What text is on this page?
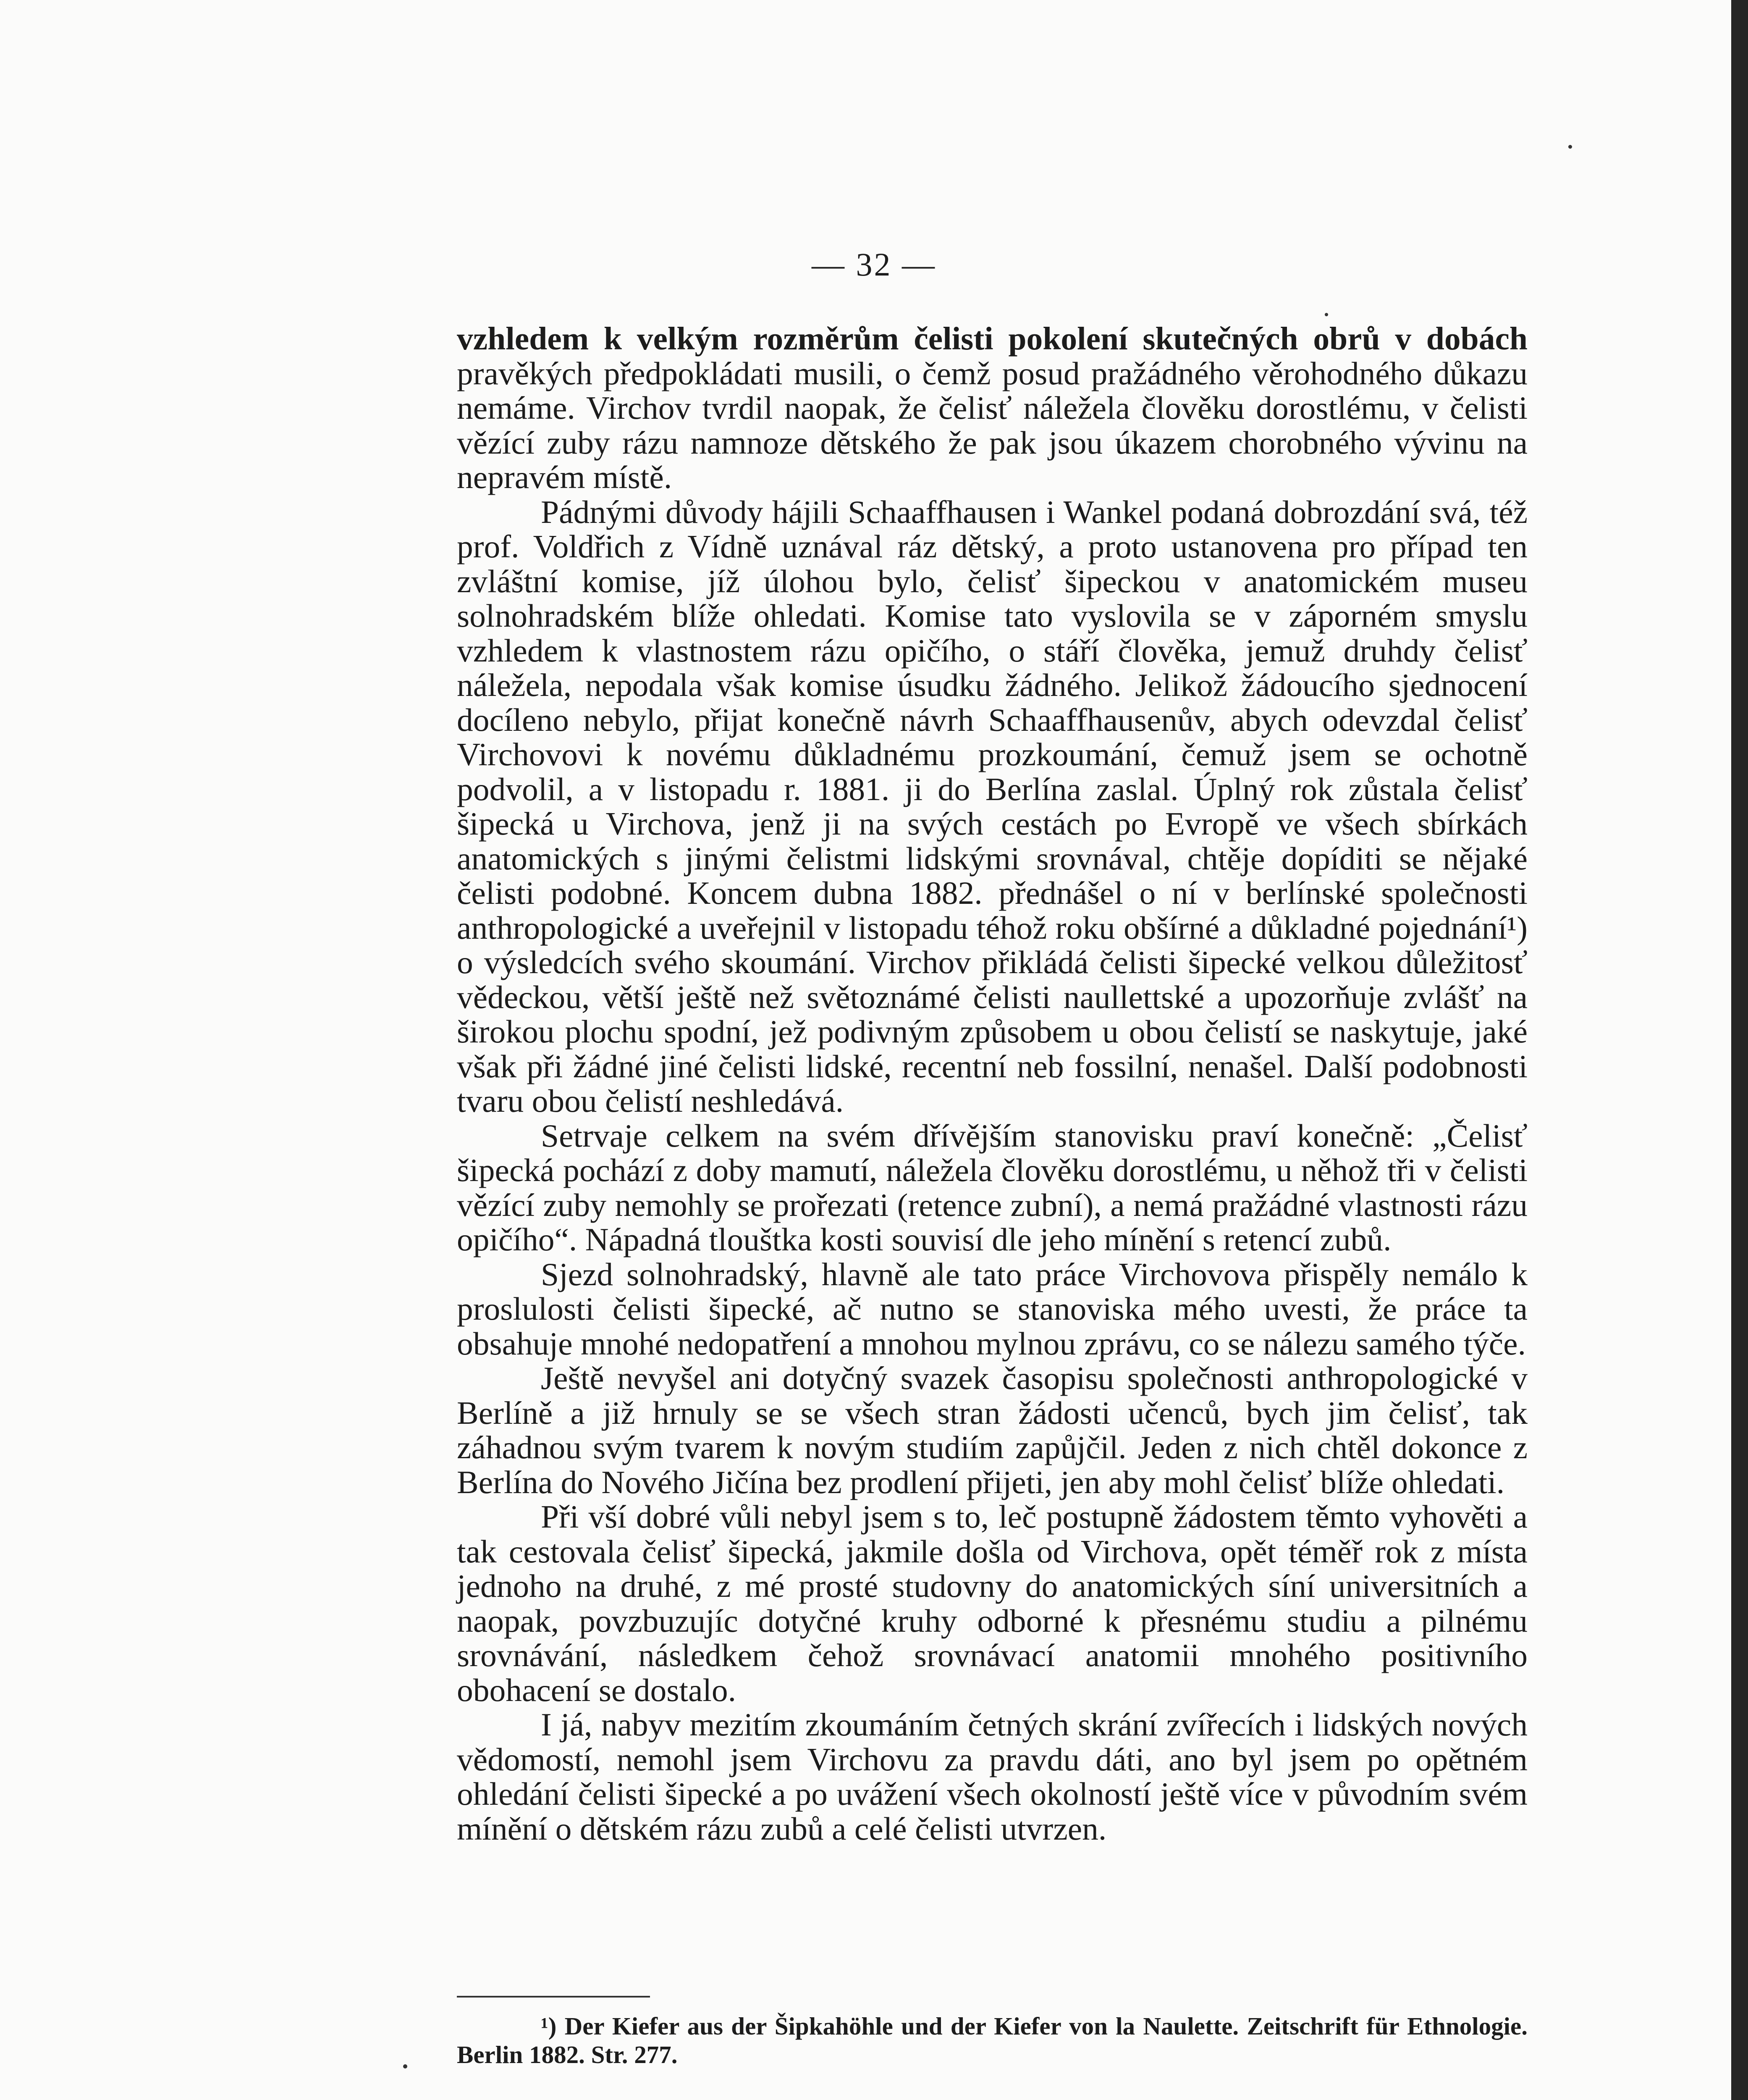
— 32 —

vzhledem k velkým rozměrům čelisti pokolení skutečných obrů v dobách pravěkých předpokládati musili, o čemž posud pražádného věrohodného důkazu nemáme. Virchov tvrdil naopak, že čelisť náležela člověku dorostlému, v čelisti vězící zuby rázu namnoze dětského že pak jsou úkazem chorobného vývinu na nepravém místě.

Pádnými důvody hájili Schaaffhausen i Wankel podaná dobrozdání svá, též prof. Voldřich z Vídně uznával ráz dětský, a proto ustanovena pro případ ten zvláštní komise, jíž úlohou bylo, čelisť šipeckou v anatomickém museu solnohradském blíže ohledati. Komise tato vyslovila se v záporném smyslu vzhledem k vlastnostem rázu opičího, o stáří člověka, jemuž druhdy čelisť náležela, nepodala však komise úsudku žádného. Jelikož žádoucího sjednocení docíleno nebylo, přijat konečně návrh Schaaffhausenův, abych odevzdal čelisť Virchovovi k novému důkladnému prozkoumání, čemuž jsem se ochotně podvolil, a v listopadu r. 1881. ji do Berlína zaslal. Úplný rok zůstala čelisť šipecká u Virchova, jenž ji na svých cestách po Evropě ve všech sbírkách anatomických s jinými čelistmi lidskými srovnával, chtěje dopíditi se nějaké čelisti podobné. Koncem dubna 1882. přednášel o ní v berlínské společnosti anthropologické a uveřejnil v listopadu téhož roku obšírné a důkladné pojednání¹) o výsledcích svého skoumání. Virchov přikládá čelisti šipecké velkou důležitosť vědeckou, větší ještě než světoznámé čelisti naullettské a upozorňuje zvlášť na širokou plochu spodní, jež podivným způsobem u obou čelistí se naskytuje, jaké však při žádné jiné čelisti lidské, recentní neb fossilní, nenašel. Další podobnosti tvaru obou čelistí neshledává.

Setrvaje celkem na svém dřívějším stanovisku praví konečně: „Čelisť šipecká pochází z doby mamutí, náležela člověku dorostlému, u něhož tři v čelisti vězící zuby nemohly se prořezati (retence zubní), a nemá pražádné vlastnosti rázu opičího“. Nápadná tlouštka kosti souvisí dle jeho mínění s retencí zubů.

Sjezd solnohradský, hlavně ale tato práce Virchovova přispěly nemálo k proslulosti čelisti šipecké, ač nutno se stanoviska mého uvesti, že práce ta obsahuje mnohé nedopatření a mnohou mylnou zprávu, co se nálezu samého týče.

Ještě nevyšel ani dotyčný svazek časopisu společnosti anthropologické v Berlíně a již hrnuly se se všech stran žádosti učenců, bych jim čelisť, tak záhadnou svým tvarem k novým studiím zapůjčil. Jeden z nich chtěl dokonce z Berlína do Nového Jičína bez prodlení přijeti, jen aby mohl čelisť blíže ohledati.

Při vší dobré vůli nebyl jsem s to, leč postupně žádostem těmto vyhověti a tak cestovala čelisť šipecká, jakmile došla od Virchova, opět téměř rok z místa jednoho na druhé, z mé prosté studovny do anatomických síní universitních a naopak, povzbuzujíc dotyčné kruhy odborné k přesnému studiu a pilnému srovnávání, následkem čehož srovnávací anatomii mnohého positivního obohacení se dostalo.

I já, nabyv mezitím zkoumáním četných skrání zvířecích i lidských nových vědomostí, nemohl jsem Virchovu za pravdu dáti, ano byl jsem po opětném ohledání čelisti šipecké a po uvážení všech okolností ještě více v původním svém mínění o dětském rázu zubů a celé čelisti utvrzen.

¹) Der Kiefer aus der Šipkahöhle und der Kiefer von la Naulette. Zeitschrift für Ethnologie. Berlin 1882. Str. 277.
